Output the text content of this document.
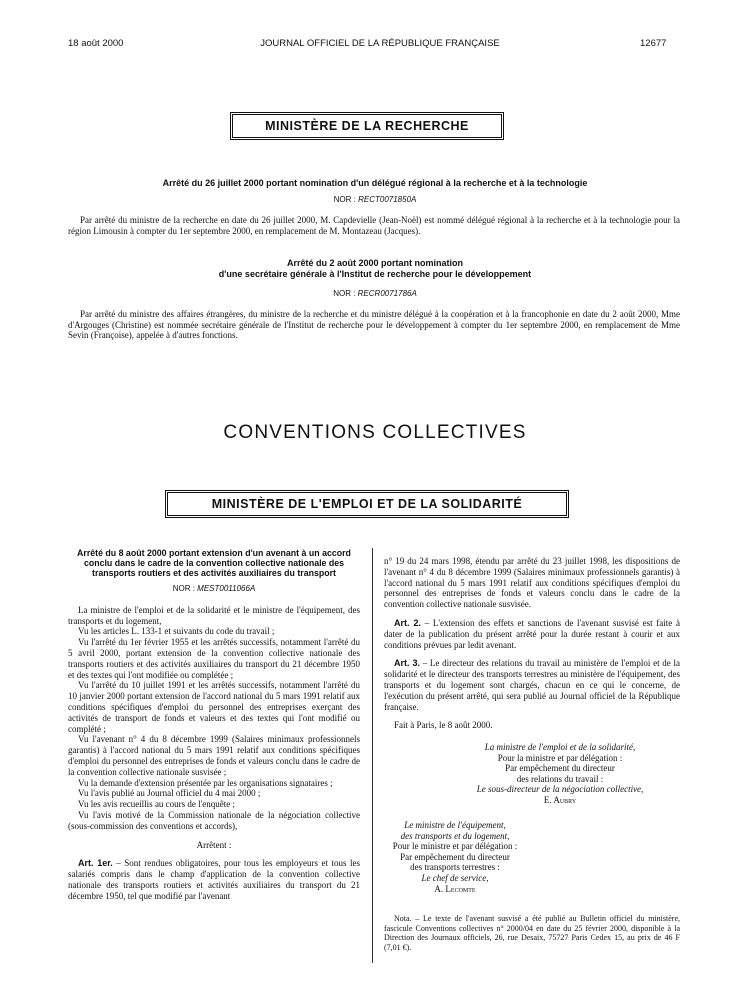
18 août 2000	JOURNAL OFFICIEL DE LA RÉPUBLIQUE FRANÇAISE	12677
MINISTÈRE DE LA RECHERCHE
Arrêté du 26 juillet 2000 portant nomination d'un délégué régional à la recherche et à la technologie
NOR : RECT0071850A
Par arrêté du ministre de la recherche en date du 26 juillet 2000, M. Capdevielle (Jean-Noël) est nommé délégué régional à la recherche et à la technologie pour la région Limousin à compter du 1er septembre 2000, en remplacement de M. Montazeau (Jacques).
Arrêté du 2 août 2000 portant nomination
d'une secrétaire générale à l'Institut de recherche pour le développement
NOR : RECR0071786A
Par arrêté du ministre des affaires étrangères, du ministre de la recherche et du ministre délégué à la coopération et à la francophonie en date du 2 août 2000, Mme d'Argouges (Christine) est nommée secrétaire générale de l'Institut de recherche pour le développement à compter du 1er septembre 2000, en remplacement de Mme Sevin (Françoise), appelée à d'autres fonctions.
CONVENTIONS COLLECTIVES
MINISTÈRE DE L'EMPLOI ET DE LA SOLIDARITÉ
Arrêté du 8 août 2000 portant extension d'un avenant à un accord conclu dans le cadre de la convention collective nationale des transports routiers et des activités auxiliaires du transport
NOR : MEST0011066A

La ministre de l'emploi et de la solidarité et le ministre de l'équipement, des transports et du logement,

Vu les articles L. 133-1 et suivants du code du travail ;

Vu l'arrêté du 1er février 1955 et les arrêtés successifs, notamment l'arrêté du 5 avril 2000, portant extension de la convention collective nationale des transports routiers et des activités auxiliaires du transport du 21 décembre 1950 et des textes qui l'ont modifiée ou complétée ;

Vu l'arrêté du 10 juillet 1991 et les arrêtés successifs, notamment l'arrêté du 10 janvier 2000 portant extension de l'accord national du 5 mars 1991 relatif aux conditions spécifiques d'emploi du personnel des entreprises exerçant des activités de transport de fonds et valeurs et des textes qui l'ont modifié ou complété ;

Vu l'avenant n° 4 du 8 décembre 1999 (Salaires minimaux professionnels garantis) à l'accord national du 5 mars 1991 relatif aux conditions spécifiques d'emploi du personnel des entreprises de fonds et valeurs conclu dans le cadre de la convention collective nationale susvisée ;

Vu la demande d'extension présentée par les organisations signataires ;

Vu l'avis publié au Journal officiel du 4 mai 2000 ;

Vu les avis recueillis au cours de l'enquête ;

Vu l'avis motivé de la Commission nationale de la négociation collective (sous-commission des conventions et accords),

Arrêtent :

Art. 1er. – Sont rendues obligatoires, pour tous les employeurs et tous les salariés compris dans le champ d'application de la convention collective nationale des transports routiers et activités auxiliaires du transport du 21 décembre 1950, tel que modifié par l'avenant

n° 19 du 24 mars 1998, étendu par arrêté du 23 juillet 1998, les dispositions de l'avenant n° 4 du 8 décembre 1999 (Salaires minimaux professionnels garantis) à l'accord national du 5 mars 1991 relatif aux conditions spécifiques d'emploi du personnel des entreprises de fonds et valeurs conclu dans le cadre de la convention collective nationale susvisée.

Art. 2. – L'extension des effets et sanctions de l'avenant susvisé est faite à dater de la publication du présent arrêté pour la durée restant à courir et aux conditions prévues par ledit avenant.

Art. 3. – Le directeur des relations du travail au ministère de l'emploi et de la solidarité et le directeur des transports terrestres au ministère de l'équipement, des transports et du logement sont chargés, chacun en ce qui le concerne, de l'exécution du présent arrêté, qui sera publié au Journal officiel de la République française.

Fait à Paris, le 8 août 2000.

La ministre de l'emploi et de la solidarité,
Pour la ministre et par délégation :
Par empêchement du directeur
des relations du travail :
Le sous-directeur de la négociation collective,
E. Aubry
Le ministre de l'équipement,
des transports et du logement,
Pour le ministre et par délégation :
Par empêchement du directeur
des transports terrestres :
Le chef de service,
A. Lecomte
Nota. – Le texte de l'avenant susvisé a été publié au Bulletin officiel du ministère, fascicule Conventions collectives n° 2000/04 en date du 25 février 2000, disponible à la Direction des Journaux officiels, 26, rue Desaix, 75727 Paris Cedex 15, au prix de 46 F (7,01 €).
